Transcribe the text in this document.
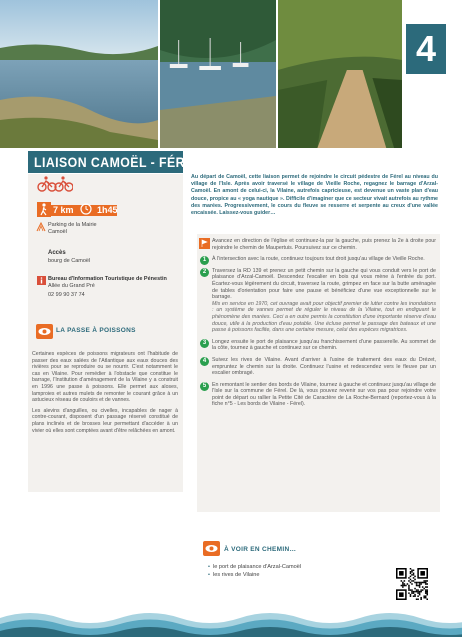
4
LIAISON CAMOËL - FÉREL
7 km	1h45
Parking de la Mairie
Camoël
Accès
bourg de Camoël
Bureau d'Information Touristique de Pénestin
Allée du Grand Pré
02 99 90 37 74
LA PASSE À POISSONS

Certaines espèces de poissons migrateurs ont l'habitude de passer des eaux salées de l'Atlantique aux eaux douces des rivières pour se reproduire ou se nourrir. C'est notamment le cas en Vilaine. Pour remédier à l'obstacle que constitue le barrage, l'Institution d'aménagement de la Vilaine y a construit en 1996 une passe à poissons. Elle permet aux aloses, lamproies et autres mulets de remonter le courant grâce à un astucieux réseau de couloirs et de vannes.

Les alevins d'anguilles, ou civelles, incapables de nager à contre-courant, disposent d'un passage réservé constitué de plans inclinés et de brosses leur permettant d'accéder à un vivier où elles sont comptées avant d'être relâchées en amont.

Au départ de Camoël, cette liaison permet de rejoindre le circuit pédestre de Férel au niveau du village de l'Isle. Après avoir traversé le village de Vieille Roche, regagnez le barrage d'Arzal-Camoël. En amont de celui-ci, la Vilaine, autrefois capricieuse, est devenue un vaste plan d'eau douce, propice au « yoga nautique ». Difficile d'imaginer que ce secteur vivait autrefois au rythme des marées. Progressivement, le cours du fleuve se resserre et serpente au creux d'une vallée encaissée. Laissez-vous guider…
Avancez en direction de l'église et continuez-la par la gauche, puis prenez la 2e à droite pour rejoindre le chemin de Maupertuis. Poursuivez sur ce chemin.
1	À l'intersection avec la route, continuez toujours tout droit jusqu'au village de Vieille Roche.
2	Traversez la RD 139 et prenez un petit chemin sur la gauche qui vous conduit vers le port de plaisance d'Arzal-Camoël. Descendez l'escalier en bois qui vous mène à l'entrée du port. Écartez-vous légèrement du circuit, traversez la route, grimpez en face sur la butte aménagée de tables d'orientation pour faire une pause et bénéficiez d'une vue exceptionnelle sur le barrage.
Mis en service en 1970, cet ouvrage avait pour objectif premier de lutter contre les inondations : un système de vannes permet de réguler le niveau de la Vilaine, tout en endiguant le phénomène des marées. Ceci a en outre permis la constitution d'une importante réserve d'eau douce, utile à la production d'eau potable. Une écluse permet le passage des bateaux et une passe à poissons facilite, dans une certaine mesure, celui des espèces migratrices.
3	Longez ensuite le port de plaisance jusqu'au franchissement d'une passerelle. Au sommet de la côte, tournez à gauche et continuez sur ce chemin.
4	Suivez les rives de Vilaine. Avant d'arriver à l'usine de traitement des eaux du Drézet, empruntez le chemin sur la droite. Continuez l'usine et redescendez vers le fleuve par un escalier ombragé.
5	En remontant le sentier des bords de Vilaine, tournez à gauche et continuez jusqu'au village de l'Isle sur la commune de Férel. De là, vous pouvez revenir sur vos pas pour rejoindre votre point de départ ou rallier la Petite Cité de Caractère de La Roche-Bernard (reportez-vous à la fiche n°5 - Les bords de Vilaine - Férel).
À VOIR EN CHEMIN…
• le port de plaisance d'Arzal-Camoël
• les rives de Vilaine
